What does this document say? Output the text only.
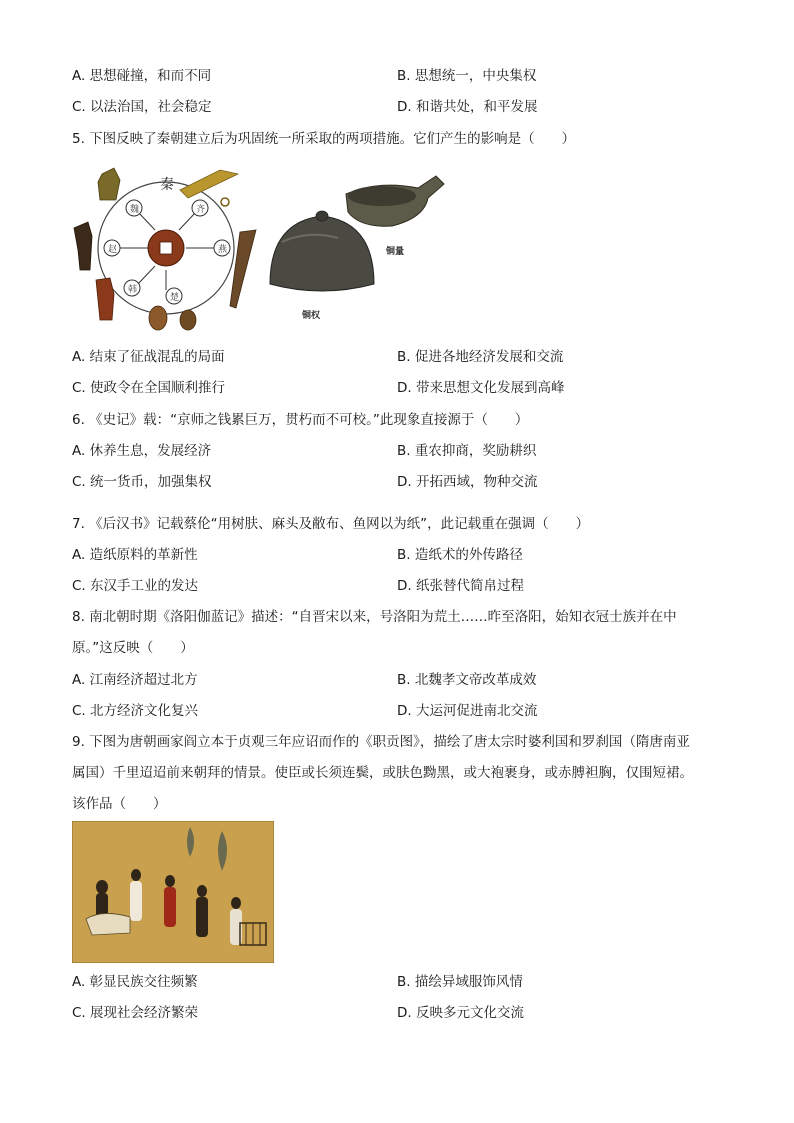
A. 思想碰撞，和而不同	B. 思想统一，中央集权
C. 以法治国，社会稳定	D. 和谐共处，和平发展
5. 下图反映了秦朝建立后为巩固统一所采取的两项措施。它们产生的影响是（　　）
秦
魏	齐
赵	燕
韩
楚
铜量
铜权
A. 结束了征战混乱的局面	B. 促进各地经济发展和交流
C. 使政令在全国顺利推行	D. 带来思想文化发展到高峰
6. 《史记》载：“京师之钱累巨万，贯朽而不可校。”此现象直接源于（　　）
A. 休养生息，发展经济	B. 重农抑商，奖励耕织
C. 统一货币，加强集权	D. 开拓西域，物种交流
7. 《后汉书》记载蔡伦“用树肤、麻头及敝布、鱼网以为纸”，此记载重在强调（　　）
A. 造纸原料的革新性	B. 造纸术的外传路径
C. 东汉手工业的发达	D. 纸张替代简帛过程
8. 南北朝时期《洛阳伽蓝记》描述：“自晋宋以来，号洛阳为荒土……昨至洛阳，始知衣冠士族并在中
原。”这反映（　　）
A. 江南经济超过北方	B. 北魏孝文帝改革成效
C. 北方经济文化复兴	D. 大运河促进南北交流
9. 下图为唐朝画家阎立本于贞观三年应诏而作的《职贡图》，描绘了唐太宗时婆利国和罗刹国（隋唐南亚
属国）千里迢迢前来朝拜的情景。使臣或长须连鬓，或肤色黝黑，或大袍裹身，或赤膊袒胸，仅围短裙。
该作品（　　）
A. 彰显民族交往频繁	B. 描绘异域服饰风情
C. 展现社会经济繁荣	D. 反映多元文化交流
